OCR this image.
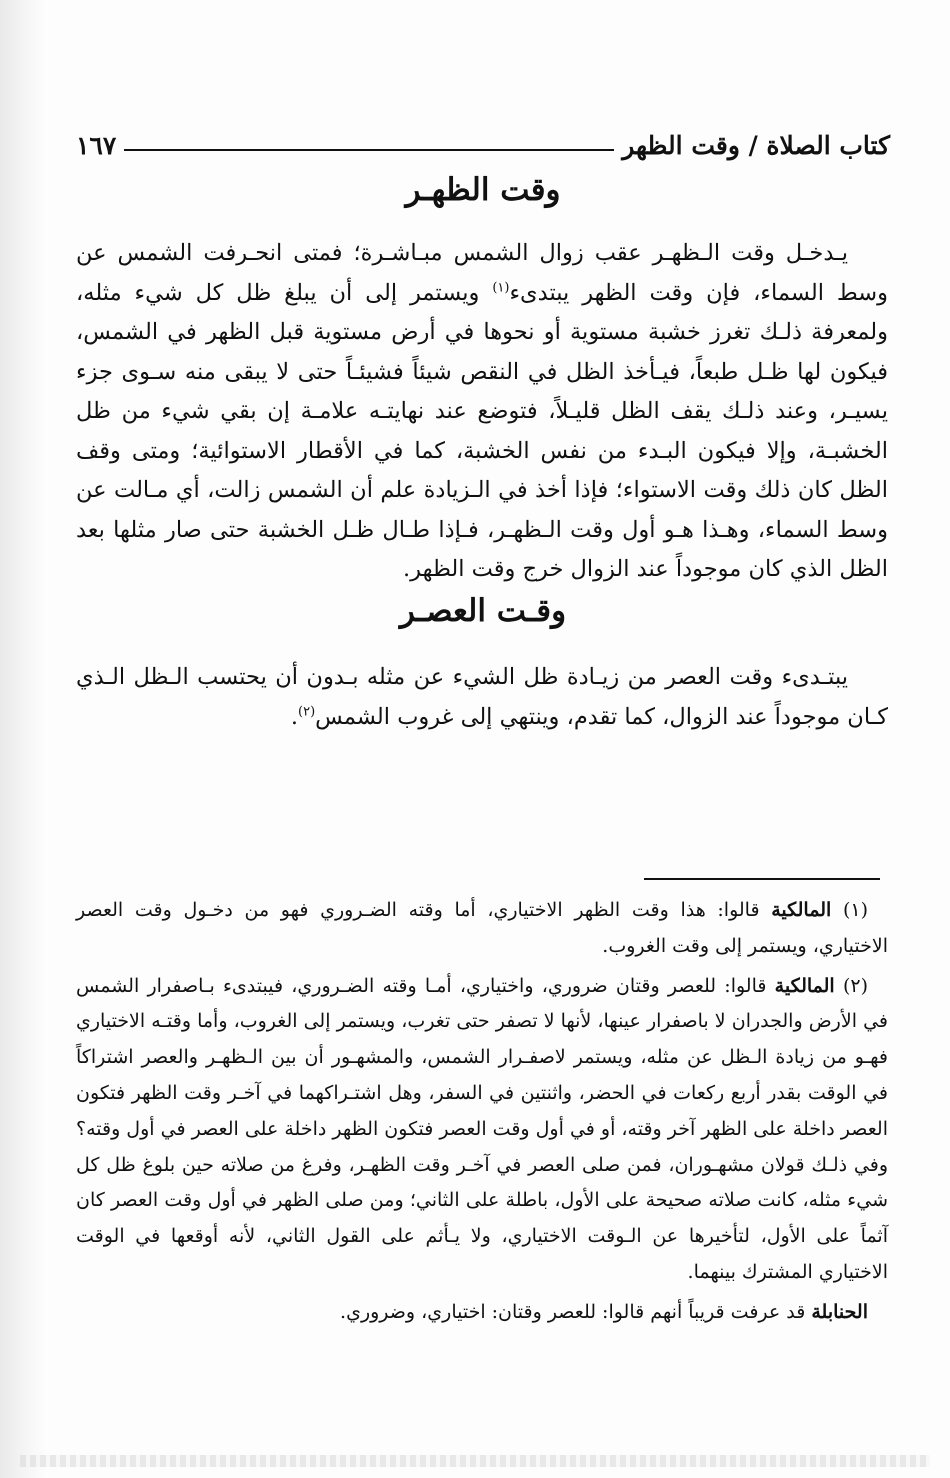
كتاب الصلاة / وقت الظهر
١٦٧
وقت الظهـر
يـدخـل وقت الـظهـر عقب زوال الشمس مبـاشـرة؛ فمتى انحـرفت الشمس عن وسط السماء، فإن وقت الظهر يبتدىء$^{(١)}$ ويستمر إلى أن يبلغ ظل كل شيء مثله، ولمعرفة ذلـك تغرز خشبة مستوية أو نحوها في أرض مستوية قبل الظهر في الشمس، فيكون لها ظـل طبعاً، فيـأخذ الظل في النقص شيئاً فشيئـاً حتى لا يبقى منه سـوى جزء يسيـر، وعند ذلـك يقف الظل قليـلاً، فتوضع عند نهايتـه علامـة إن بقي شيء من ظل الخشبـة، وإلا فيكون البـدء من نفس الخشبة، كما في الأقطار الاستوائية؛ ومتى وقف الظل كان ذلك وقت الاستواء؛ فإذا أخذ في الـزيادة علم أن الشمس زالت، أي مـالت عن وسط السماء، وهـذا هـو أول وقت الـظهـر، فـإذا طـال ظـل الخشبة حتى صار مثلها بعد الظل الذي كان موجوداً عند الزوال خرج وقت الظهر.
وقـت العصـر
يبتـدىء وقت العصر من زيـادة ظل الشيء عن مثله بـدون أن يحتسب الـظل الـذي كـان موجوداً عند الزوال، كما تقدم، وينتهي إلى غروب الشمس$^{(٢)}$.

(١) المالكية قالوا: هذا وقت الظهر الاختياري، أما وقته الضـروري فهو من دخـول وقت العصر الاختياري، ويستمر إلى وقت الغروب.

(٢) المالكية قالوا: للعصر وقتان ضروري، واختياري، أمـا وقته الضـروري، فيبتدىء بـاصفرار الشمس في الأرض والجدران لا باصفرار عينها، لأنها لا تصفر حتى تغرب، ويستمر إلى الغروب، وأما وقتـه الاختياري فهـو من زيادة الـظل عن مثله، ويستمر لاصفـرار الشمس، والمشهـور أن بين الـظهـر والعصر اشتراكاً في الوقت بقدر أربع ركعات في الحضر، واثنتين في السفر، وهل اشتـراكهما في آخـر وقت الظهر فتكون العصر داخلة على الظهر آخر وقته، أو في أول وقت العصر فتكون الظهر داخلة على العصر في أول وقته؟ وفي ذلـك قولان مشهـوران، فمن صلى العصر في آخـر وقت الظهـر، وفرغ من صلاته حين بلوغ ظل كل شيء مثله، كانت صلاته صحيحة على الأول، باطلة على الثاني؛ ومن صلى الظهر في أول وقت العصر كان آثماً على الأول، لتأخيرها عن الـوقت الاختياري، ولا يـأثم على القول الثاني، لأنه أوقعها في الوقت الاختياري المشترك بينهما.

الحنابلة قد عرفت قريباً أنهم قالوا: للعصر وقتان: اختياري، وضروري.
